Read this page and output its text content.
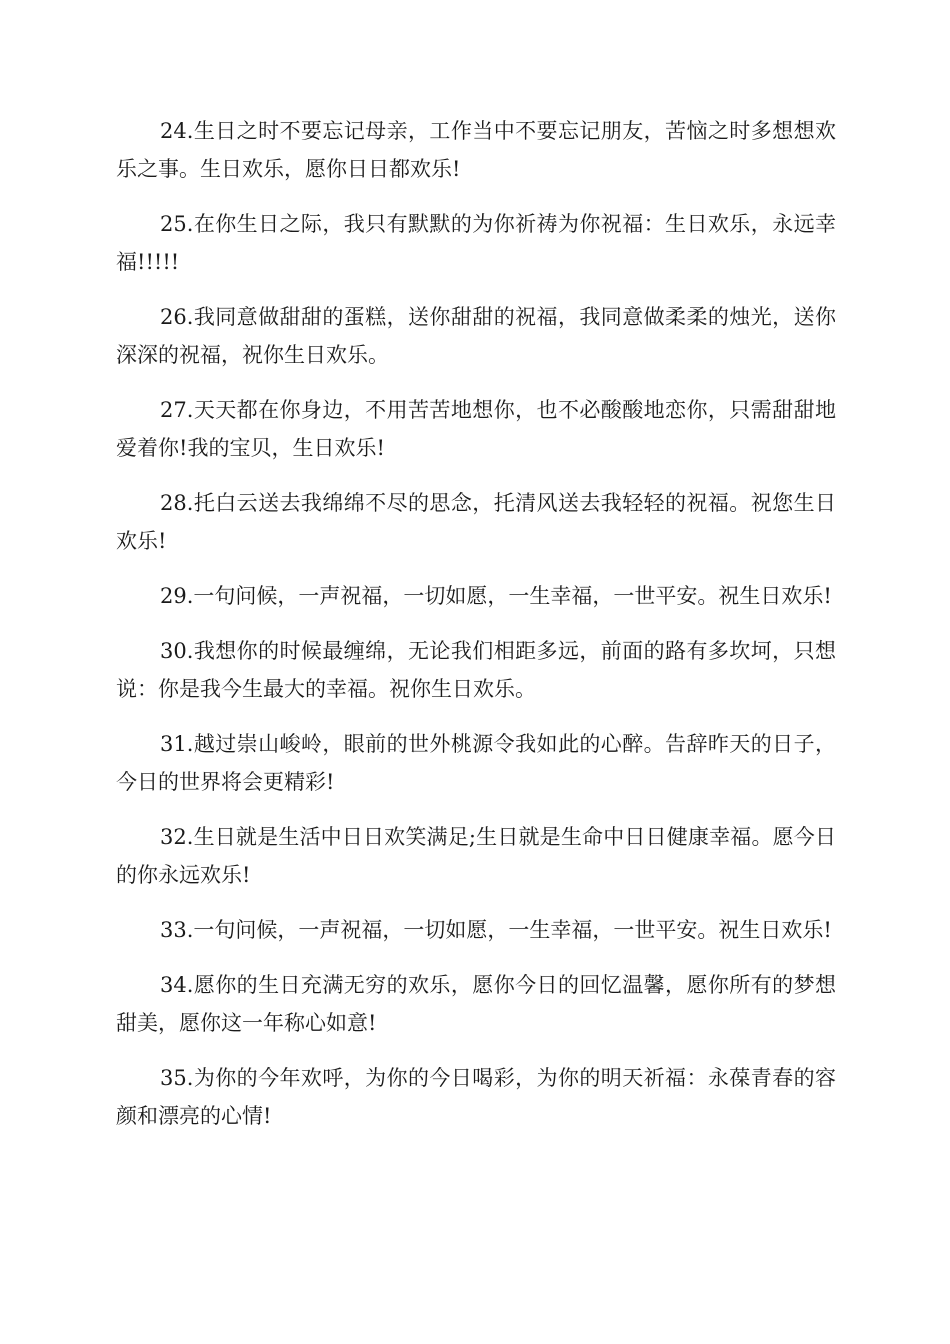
24.生日之时不要忘记母亲，工作当中不要忘记朋友，苦恼之时多想想欢乐之事。生日欢乐，愿你日日都欢乐!

25.在你生日之际，我只有默默的为你祈祷为你祝福：生日欢乐，永远幸福!!!!!

26.我同意做甜甜的蛋糕，送你甜甜的祝福，我同意做柔柔的烛光，送你深深的祝福，祝你生日欢乐。

27.天天都在你身边，不用苦苦地想你，也不必酸酸地恋你，只需甜甜地爱着你!我的宝贝，生日欢乐!

28.托白云送去我绵绵不尽的思念，托清风送去我轻轻的祝福。祝您生日欢乐!

29.一句问候，一声祝福，一切如愿，一生幸福，一世平安。祝生日欢乐!

30.我想你的时候最缠绵，无论我们相距多远，前面的路有多坎坷，只想说：你是我今生最大的幸福。祝你生日欢乐。

31.越过崇山峻岭，眼前的世外桃源令我如此的心醉。告辞昨天的日子，今日的世界将会更精彩!

32.生日就是生活中日日欢笑满足;生日就是生命中日日健康幸福。愿今日的你永远欢乐!

33.一句问候，一声祝福，一切如愿，一生幸福，一世平安。祝生日欢乐!

34.愿你的生日充满无穷的欢乐，愿你今日的回忆温馨，愿你所有的梦想甜美，愿你这一年称心如意!

35.为你的今年欢呼，为你的今日喝彩，为你的明天祈福：永葆青春的容颜和漂亮的心情!
